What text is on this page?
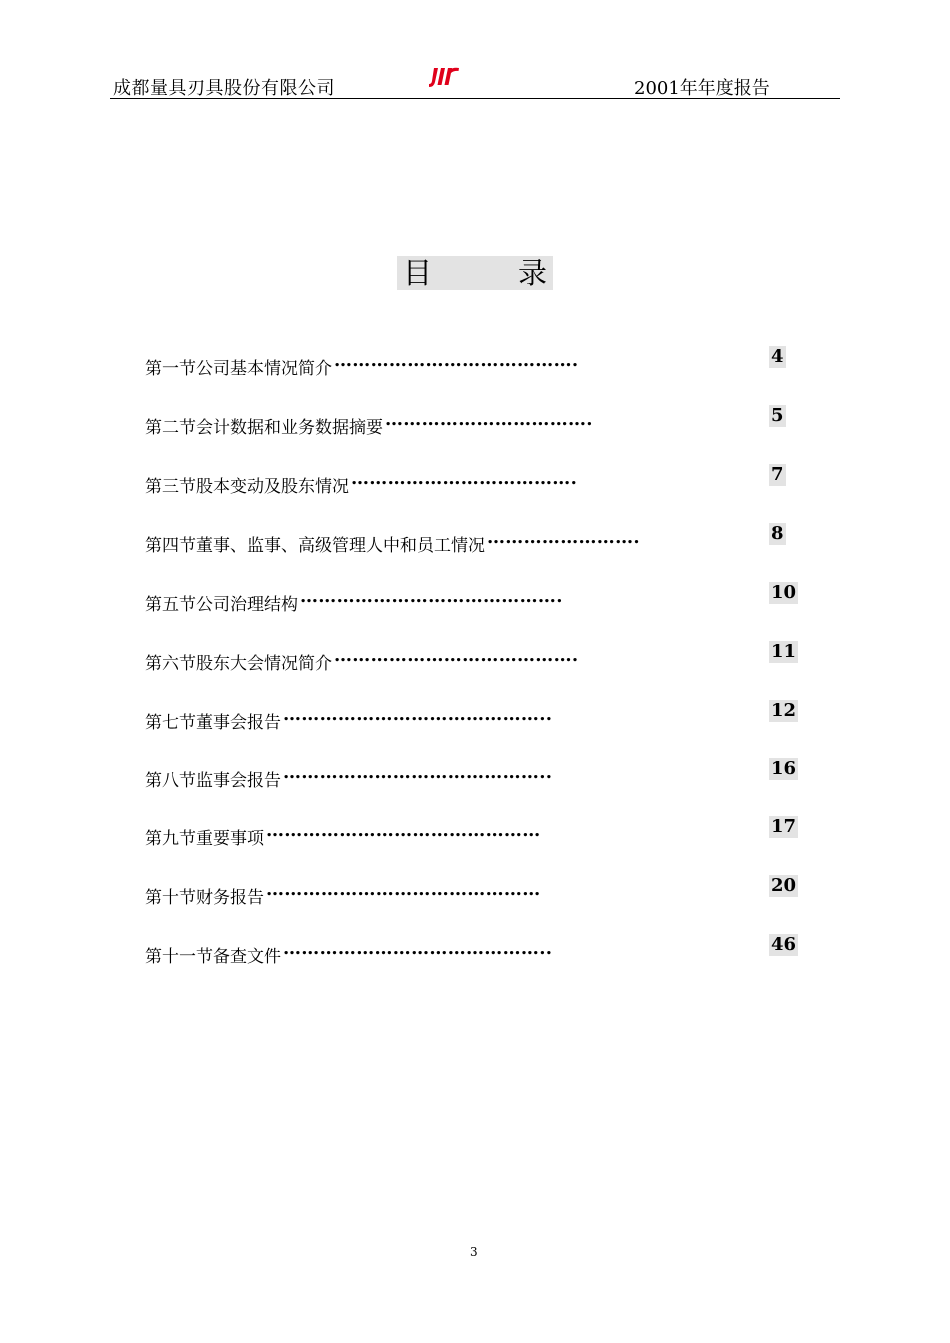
成都量具刃具股份有限公司	2001年年度报告
目	录
第一节公司基本情况简介 ………………………………….	4
第二节会计数据和业务数据摘要 …………………………….	5
第三节股本变动及股东情况 ……………………………….	7
第四节董事、监事、高级管理人中和员工情况 …………………….	8
第五节公司治理结构 …………………………………….	10
第六节股东大会情况简介 ………………………………….	11
第七节董事会报告 ……………………………………..	12
第八节监事会报告 ……………………………………..	16
第九节重要事项 ………………………………………	17
第十节财务报告 ………………………………………	20
第十一节备查文件 ……………………………………..	46
3
